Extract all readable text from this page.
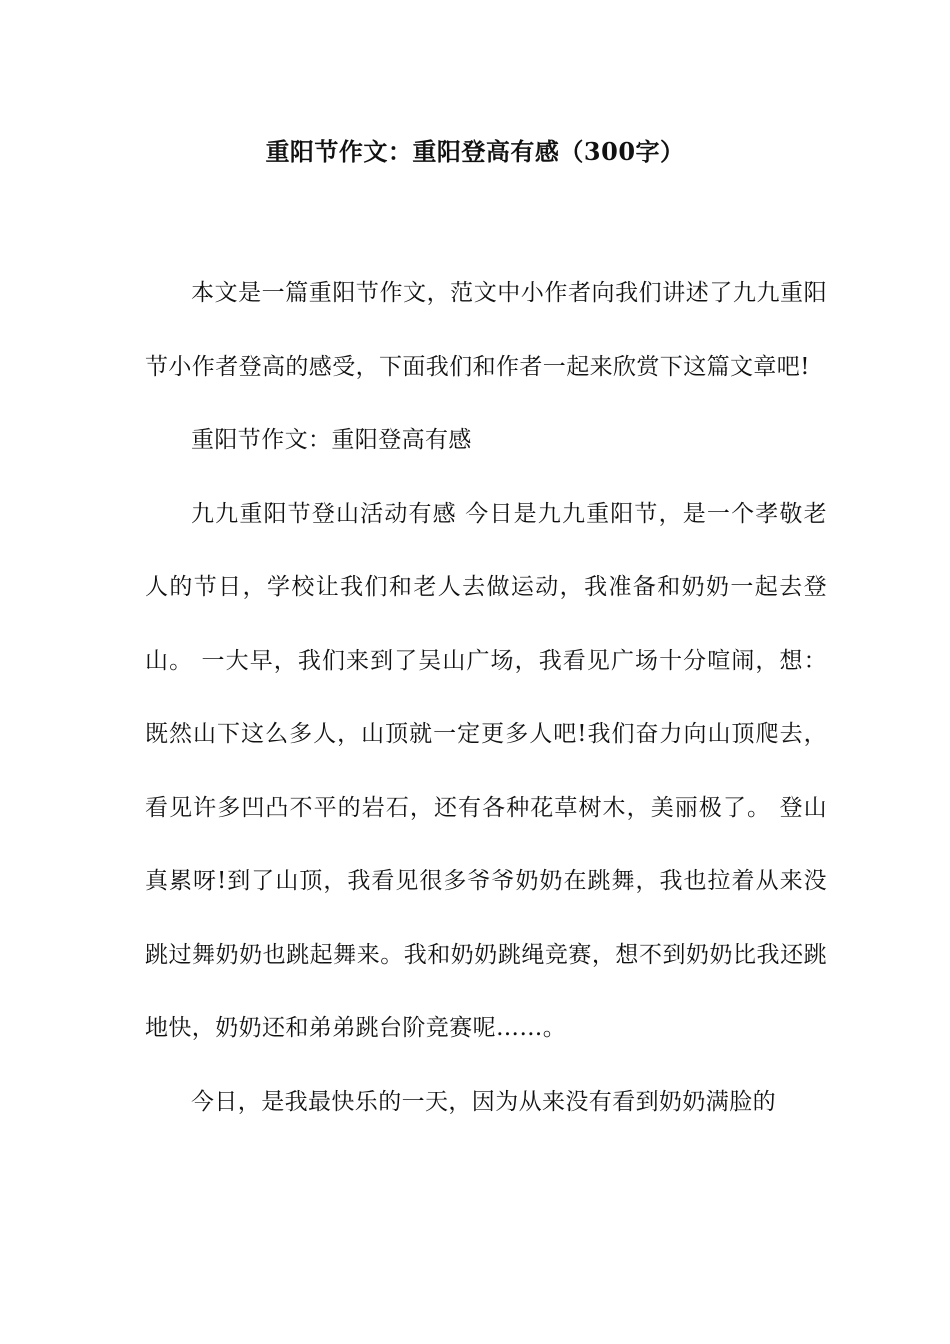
重阳节作文：重阳登高有感（300字）

本文是一篇重阳节作文，范文中小作者向我们讲述了九九重阳节小作者登高的感受，下面我们和作者一起来欣赏下这篇文章吧!

重阳节作文：重阳登高有感

九九重阳节登山活动有感 今日是九九重阳节，是一个孝敬老人的节日，学校让我们和老人去做运动，我准备和奶奶一起去登山。 一大早，我们来到了吴山广场，我看见广场十分喧闹，想：既然山下这么多人，山顶就一定更多人吧!我们奋力向山顶爬去，看见许多凹凸不平的岩石，还有各种花草树木，美丽极了。 登山真累呀!到了山顶，我看见很多爷爷奶奶在跳舞，我也拉着从来没跳过舞奶奶也跳起舞来。我和奶奶跳绳竞赛，想不到奶奶比我还跳地快，奶奶还和弟弟跳台阶竞赛呢……。

今日，是我最快乐的一天，因为从来没有看到奶奶满脸的
